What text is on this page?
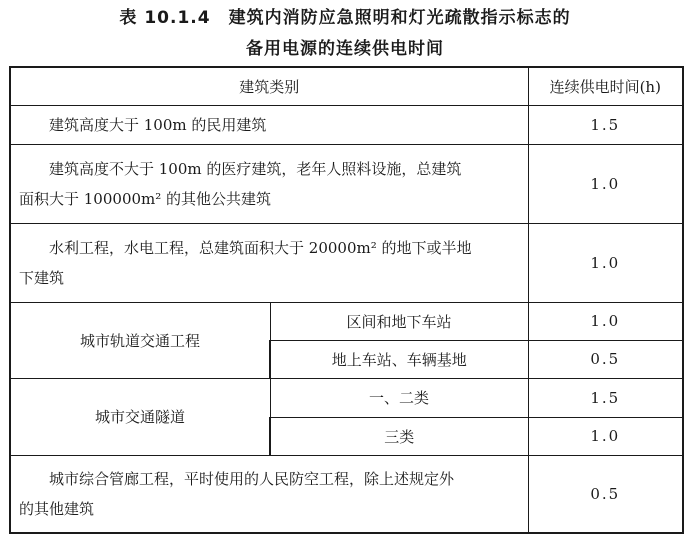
表 10.1.4　建筑内消防应急照明和灯光疏散指示标志的
备用电源的连续供电时间
建筑类别		连续供电时间(h)

建筑高度大于 100m 的民用建筑		1.5

建筑高度不大于 100m 的医疗建筑，老年人照料设施，总建筑
面积大于 100000m² 的其他公共建筑		1.0

水利工程，水电工程，总建筑面积大于 20000m² 的地下或半地
下建筑		1.0
城市轨道交通工程	区间和地下车站	1.0
	地上车站、车辆基地	0.5
城市交通隧道	一、二类	1.5
	三类	1.0

城市综合管廊工程，平时使用的人民防空工程，除上述规定外
的其他建筑		0.5
